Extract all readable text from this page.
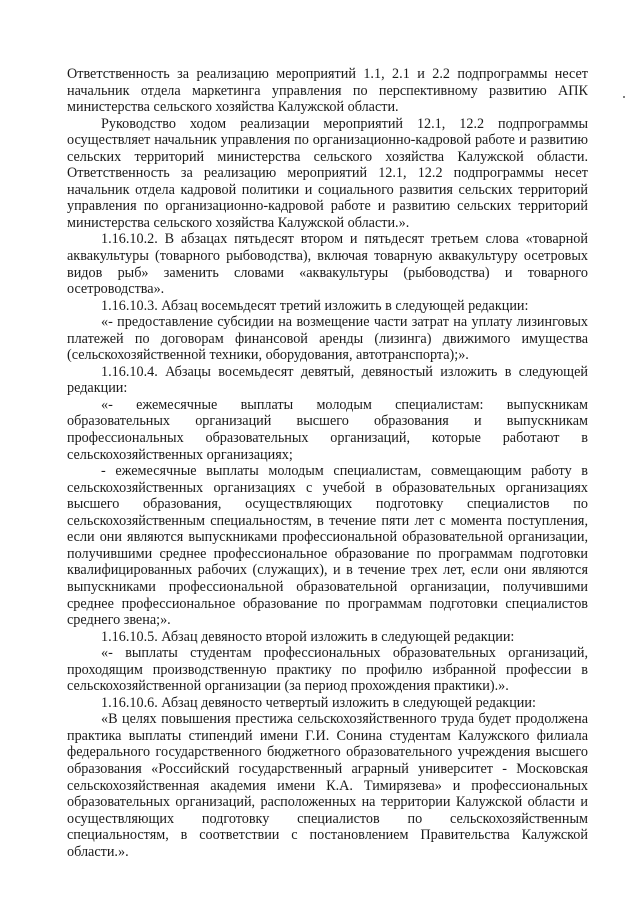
Ответственность за реализацию мероприятий 1.1, 2.1 и 2.2 подпрограммы несет начальник отдела маркетинга управления по перспективному развитию АПК министерства сельского хозяйства Калужской области.

Руководство ходом реализации мероприятий 12.1, 12.2 подпрограммы осуществляет начальник управления по организационно-кадровой работе и развитию сельских территорий министерства сельского хозяйства Калужской области. Ответственность за реализацию мероприятий 12.1, 12.2 подпрограммы несет начальник отдела кадровой политики и социального развития сельских территорий управления по организационно-кадровой работе и развитию сельских территорий министерства сельского хозяйства Калужской области.».

1.16.10.2. В абзацах пятьдесят втором и пятьдесят третьем слова «товарной аквакультуры (товарного рыбоводства), включая товарную аквакультуру осетровых видов рыб» заменить словами «аквакультуры (рыбоводства) и товарного осетроводства».

1.16.10.3. Абзац восемьдесят третий изложить в следующей редакции:

«- предоставление субсидии на возмещение части затрат на уплату лизинговых платежей по договорам финансовой аренды (лизинга) движимого имущества (сельскохозяйственной техники, оборудования, автотранспорта);».

1.16.10.4. Абзацы восемьдесят девятый, девяностый изложить в следующей редакции:

«- ежемесячные выплаты молодым специалистам: выпускникам образовательных организаций высшего образования и выпускникам профессиональных образовательных организаций, которые работают в сельскохозяйственных организациях;

- ежемесячные выплаты молодым специалистам, совмещающим работу в сельскохозяйственных организациях с учебой в образовательных организациях высшего образования, осуществляющих подготовку специалистов по сельскохозяйственным специальностям, в течение пяти лет с момента поступления, если они являются выпускниками профессиональной образовательной организации, получившими среднее профессиональное образование по программам подготовки квалифицированных рабочих (служащих), и в течение трех лет, если они являются выпускниками профессиональной образовательной организации, получившими среднее профессиональное образование по программам подготовки специалистов среднего звена;».

1.16.10.5. Абзац девяносто второй изложить в следующей редакции:

«- выплаты студентам профессиональных образовательных организаций, проходящим производственную практику по профилю избранной профессии в сельскохозяйственной организации (за период прохождения практики).».

1.16.10.6. Абзац девяносто четвертый изложить в следующей редакции:

«В целях повышения престижа сельскохозяйственного труда будет продолжена практика выплаты стипендий имени Г.И. Сонина студентам Калужского филиала федерального государственного бюджетного образовательного учреждения высшего образования «Российский государственный аграрный университет - Московская сельскохозяйственная академия имени К.А. Тимирязева» и профессиональных образовательных организаций, расположенных на территории Калужской области и осуществляющих подготовку специалистов по сельскохозяйственным специальностям, в соответствии с постановлением Правительства Калужской области.».
